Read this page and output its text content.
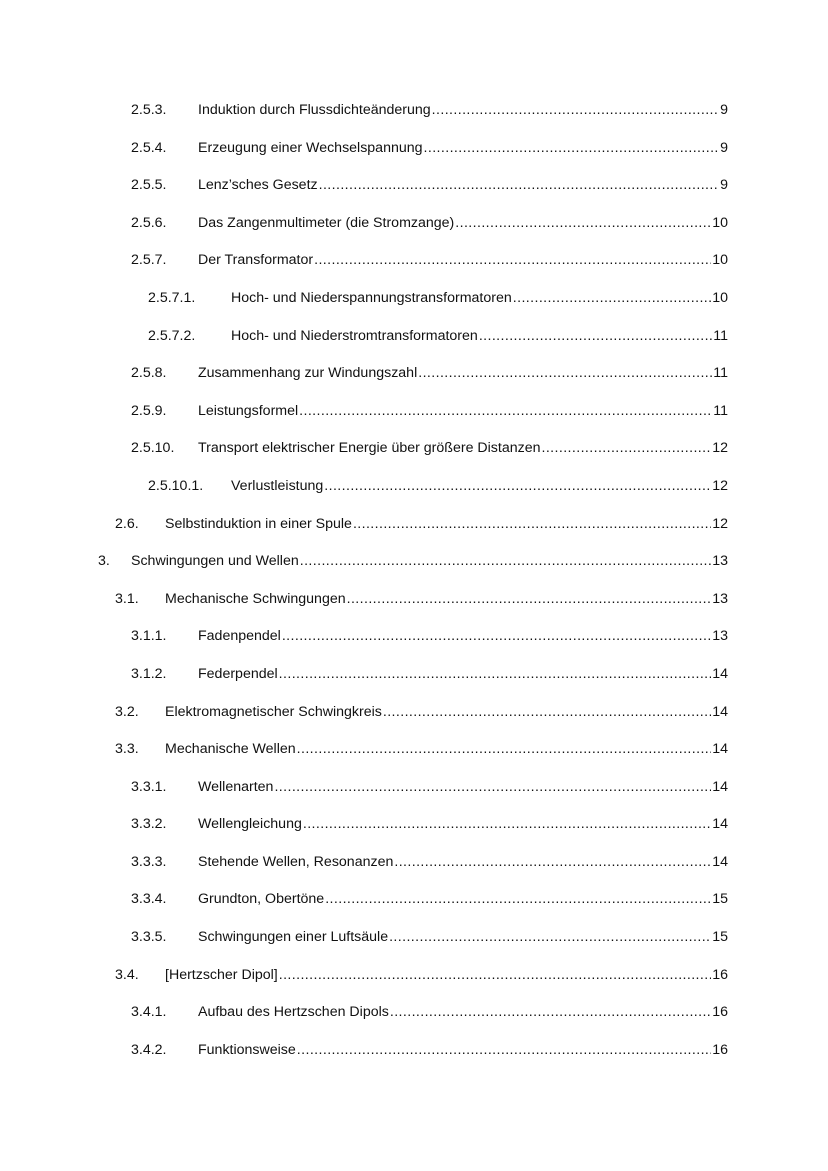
2.5.3. Induktion durch Flussdichteänderung .....	9
2.5.4. Erzeugung einer Wechselspannung .....	9
2.5.5. Lenz’sches Gesetz .....	9
2.5.6. Das Zangenmultimeter (die Stromzange) .....	10
2.5.7. Der Transformator .....	10
2.5.7.1.	Hoch- und Niederspannungstransformatoren .....	10
2.5.7.2.	Hoch- und Niederstromtransformatoren .....	11
2.5.8. Zusammenhang zur Windungszahl .....	11
2.5.9. Leistungsformel .....	11
2.5.10. Transport elektrischer Energie über größere Distanzen .....	12
2.5.10.1. Verlustleistung .....	12
2.6. Selbstinduktion in einer Spule .....	12
3. Schwingungen und Wellen .....	13
3.1. Mechanische Schwingungen .....	13
3.1.1. Fadenpendel .....	13
3.1.2. Federpendel .....	14
3.2. Elektromagnetischer Schwingkreis .....	14
3.3. Mechanische Wellen .....	14
3.3.1. Wellenarten .....	14
3.3.2. Wellengleichung .....	14
3.3.3. Stehende Wellen, Resonanzen .....	14
3.3.4. Grundton, Obertöne .....	15
3.3.5. Schwingungen einer Luftsäule .....	15
3.4. [Hertzscher Dipol] .....	16
3.4.1. Aufbau des Hertzschen Dipols .....	16
3.4.2. Funktionsweise .....	16
